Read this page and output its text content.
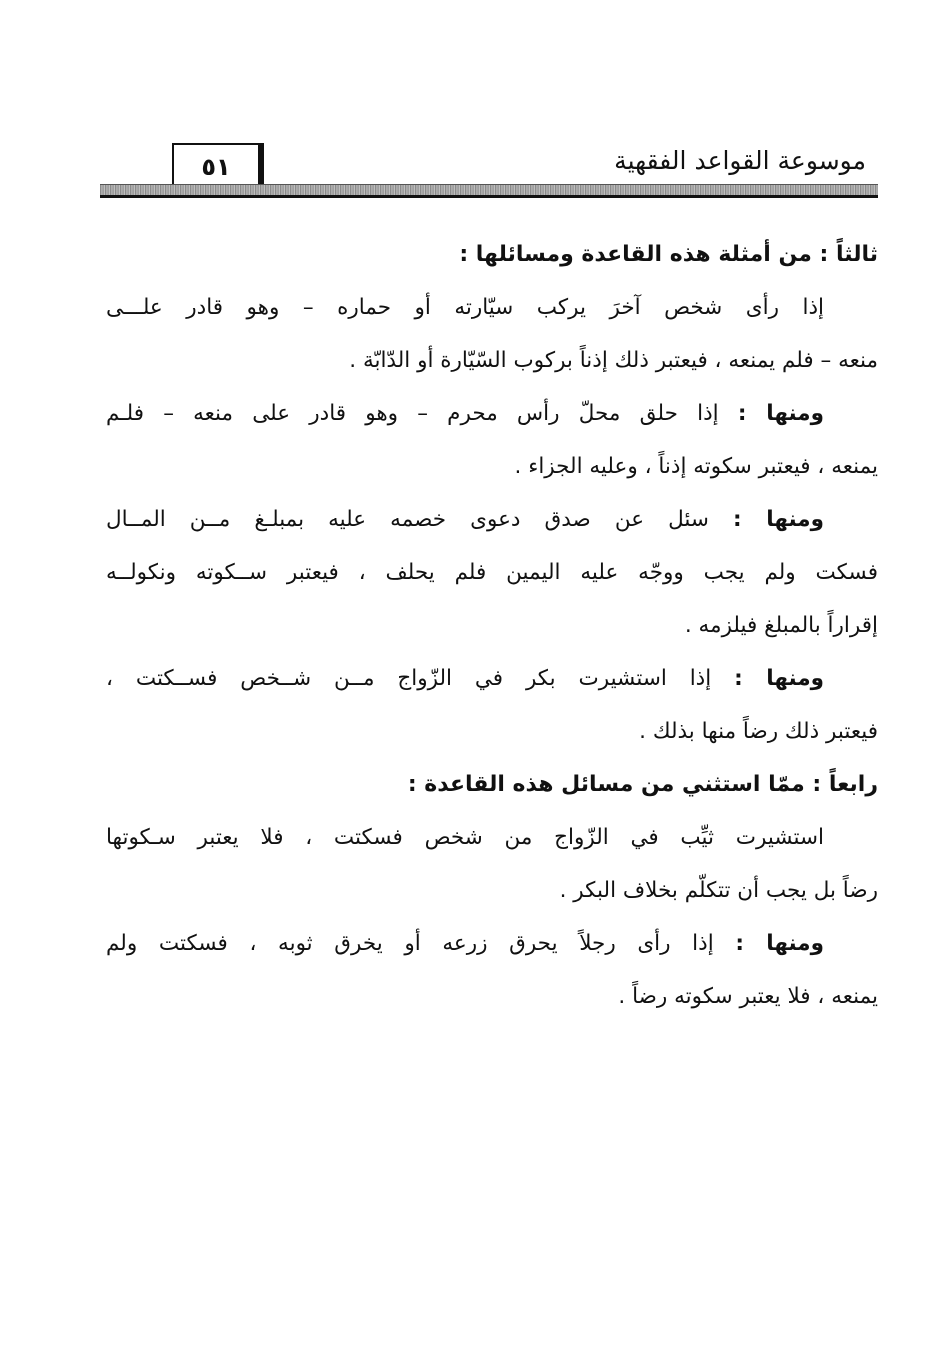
موسوعة القواعد الفقهية
٥١
ثالثاً : من أمثلة هذه القاعدة ومسائلها :
إذا رأى شخص آخرَ يركب سيّارته أو حماره – وهو قادر علـــى
منعه – فلم يمنعه ، فيعتبر ذلك إذناً بركوب السّيّارة أو الدّابّة .
ومنها : إذا حلق محلّ رأس محرم – وهو قادر على منعه – فلـم
يمنعه ، فيعتبر سكوته إذناً ، وعليه الجزاء .
ومنها : سئل عن صدق دعوى خصمه عليه بمبلـغ مــن المــال
فسكت ولم يجب ووجّه عليه اليمين فلم يحلف ، فيعتبر ســكوته ونكولــه
إقراراً بالمبلغ فيلزمه .
ومنها : إذا استشيرت بكر في الزّواج مــن شــخص فســكتت ،
فيعتبر ذلك رضاً منها بذلك .
رابعاً : ممّا استثني من مسائل هذه القاعدة :
استشيرت ثيِّب في الزّواج من شخص فسكتت ، فلا يعتبر سـكوتها
رضاً بل يجب أن تتكلّم بخلاف البكر .
ومنها : إذا رأى رجلاً يحرق زرعه أو يخرق ثوبه ، فسكتت ولم
يمنعه ، فلا يعتبر سكوته رضاً .
